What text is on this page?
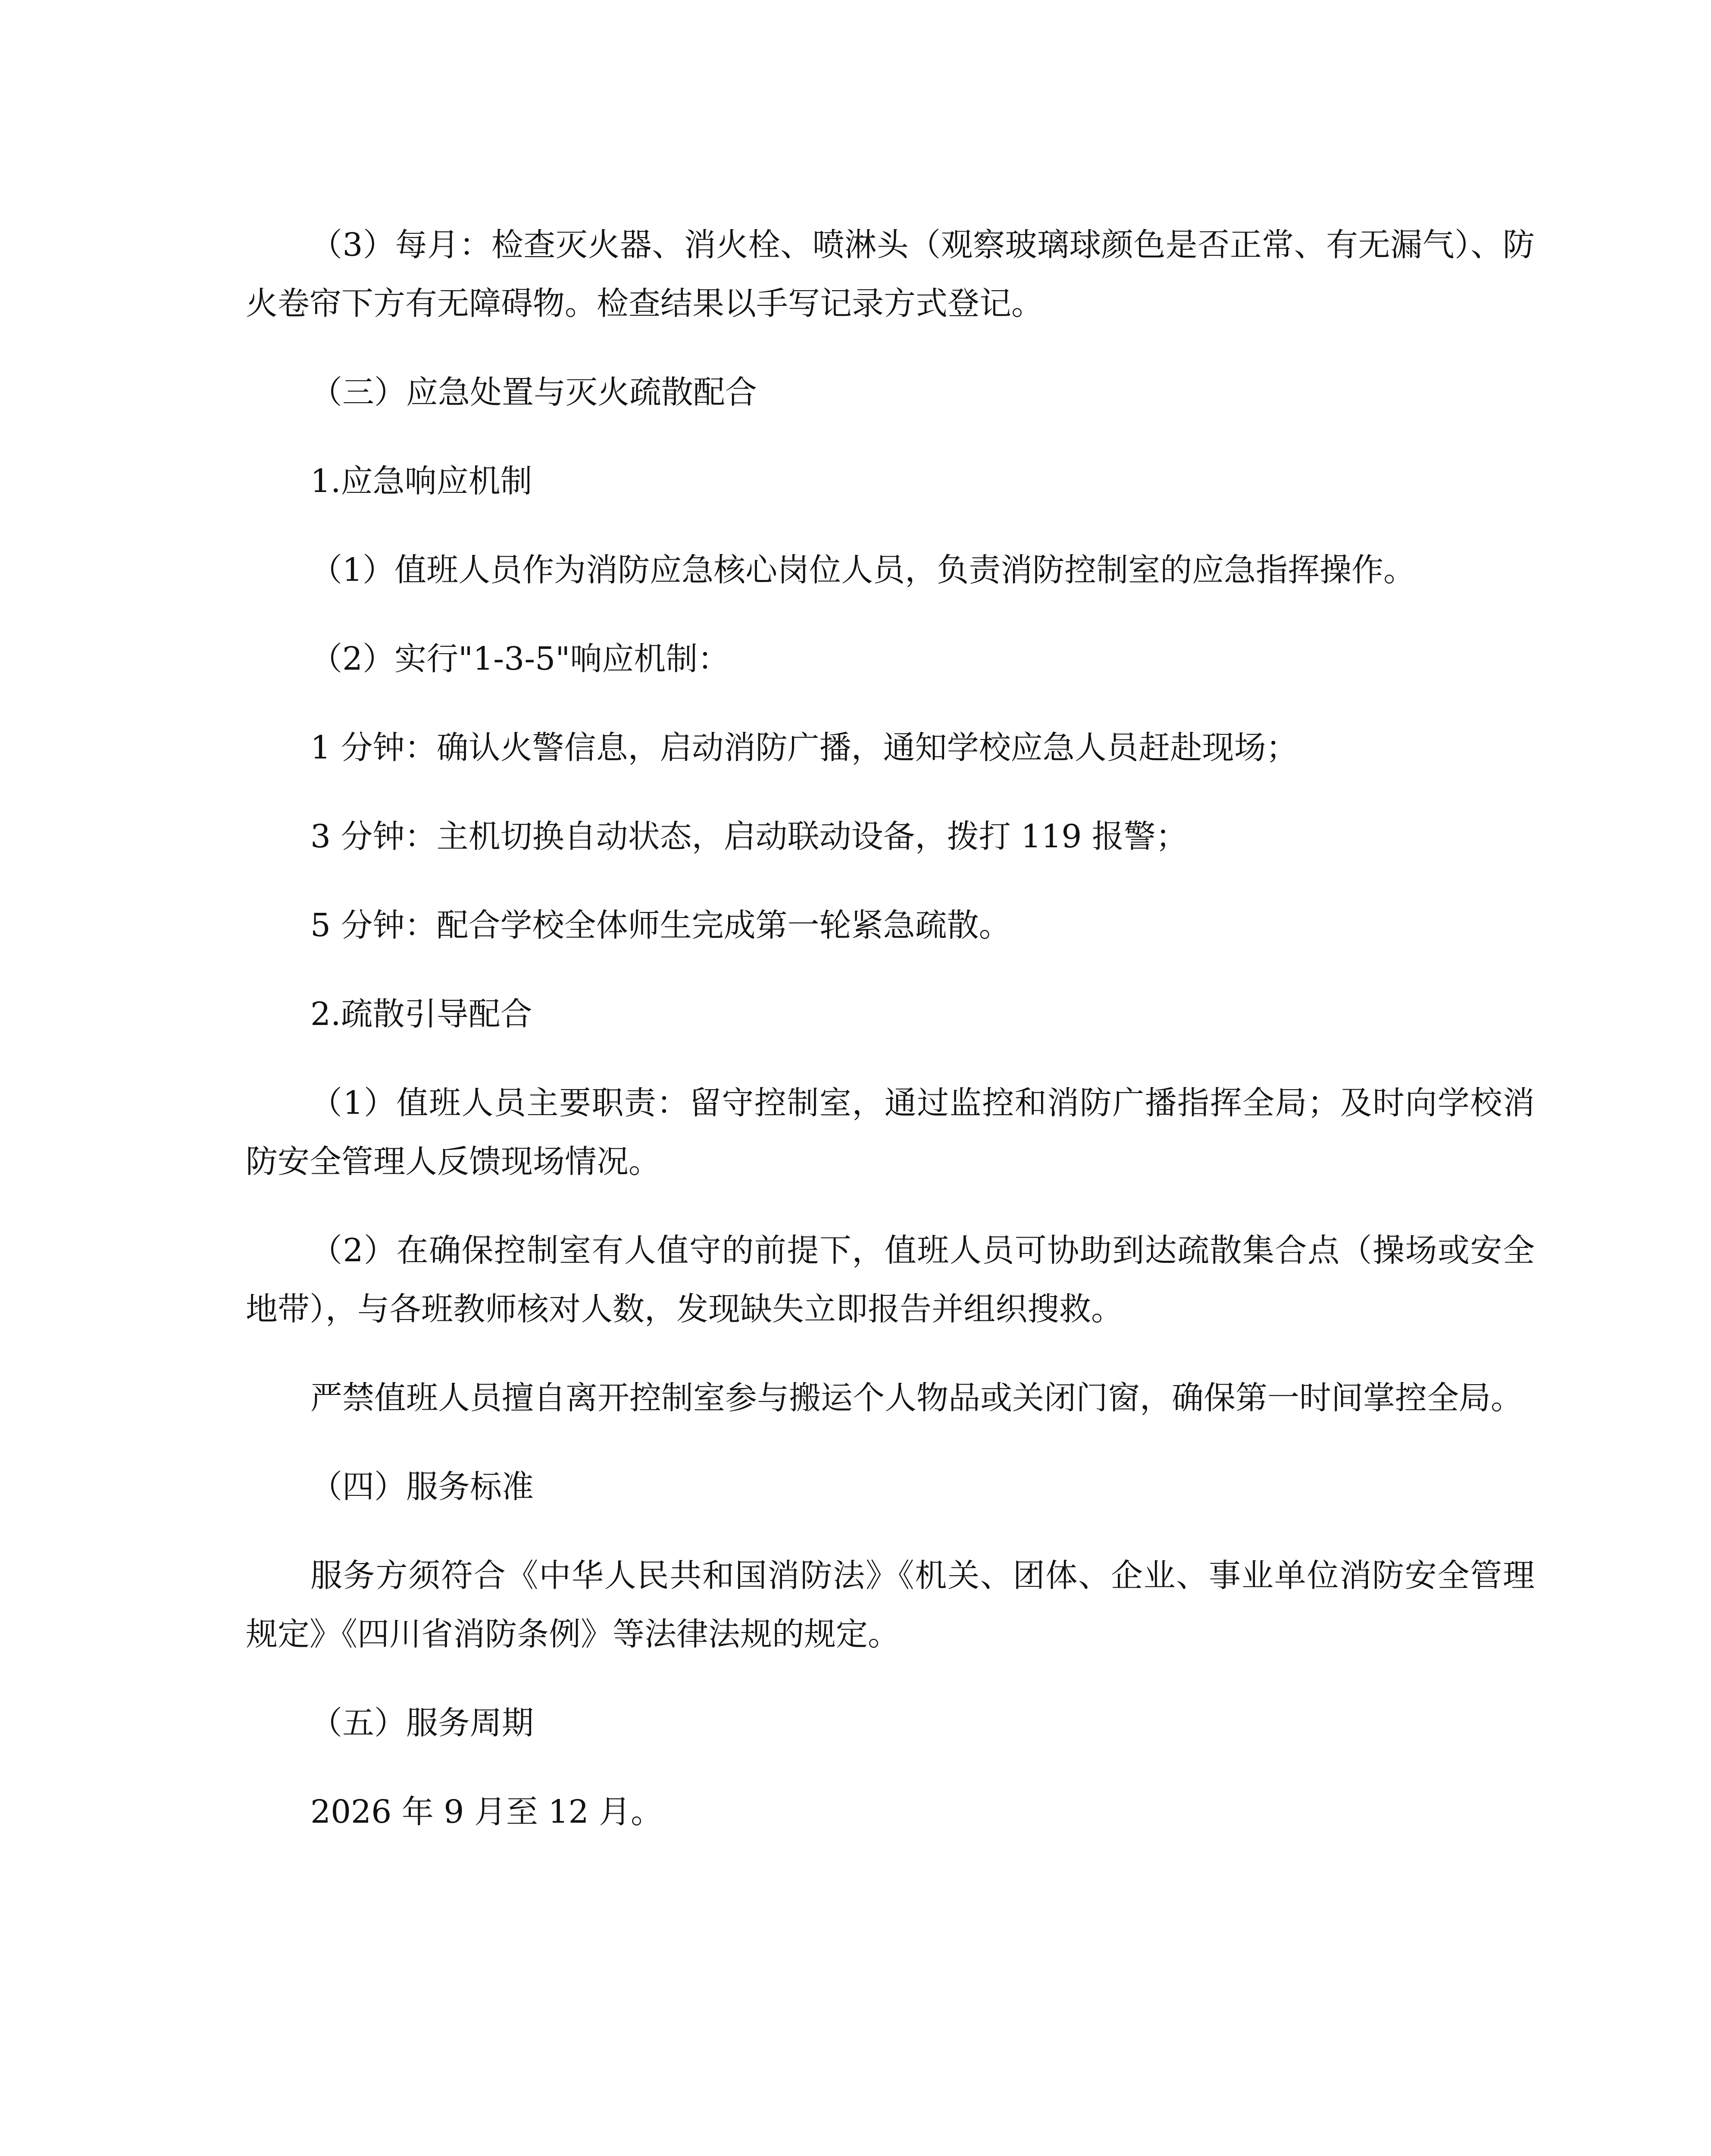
（3）每月：检查灭火器、消火栓、喷淋头（观察玻璃球颜色是否正常、有无漏气）、防火卷帘下方有无障碍物。检查结果以手写记录方式登记。

（三）应急处置与灭火疏散配合

1.应急响应机制

（1）值班人员作为消防应急核心岗位人员，负责消防控制室的应急指挥操作。

（2）实行"1-3-5"响应机制：

1 分钟：确认火警信息，启动消防广播，通知学校应急人员赶赴现场；

3 分钟：主机切换自动状态，启动联动设备，拨打 119 报警；

5 分钟：配合学校全体师生完成第一轮紧急疏散。

2.疏散引导配合

（1）值班人员主要职责：留守控制室，通过监控和消防广播指挥全局；及时向学校消防安全管理人反馈现场情况。

（2）在确保控制室有人值守的前提下，值班人员可协助到达疏散集合点（操场或安全地带），与各班教师核对人数，发现缺失立即报告并组织搜救。

严禁值班人员擅自离开控制室参与搬运个人物品或关闭门窗，确保第一时间掌控全局。

（四）服务标准

服务方须符合《中华人民共和国消防法》《机关、团体、企业、事业单位消防安全管理规定》《四川省消防条例》等法律法规的规定。

（五）服务周期

2026 年 9 月至 12 月。
